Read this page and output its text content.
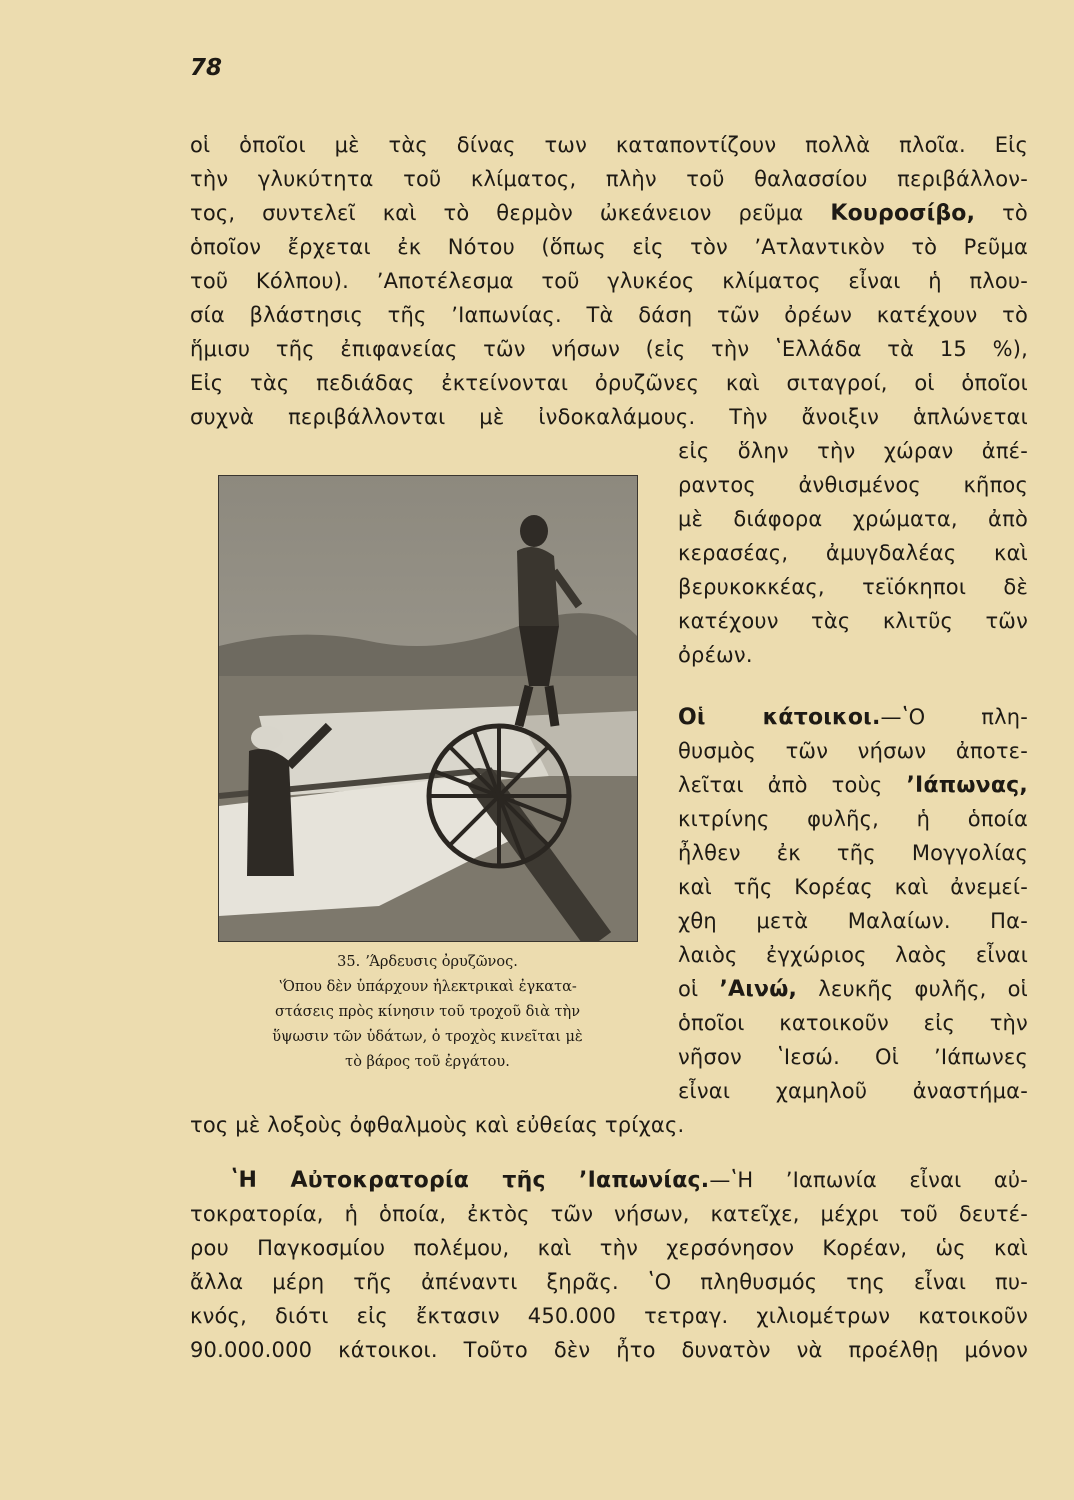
78

οἱ ὁποῖοι μὲ τὰς δίνας των καταποντίζουν πολλὰ πλοῖα. Εἰς

τὴν γλυκύτητα τοῦ κλίματος, πλὴν τοῦ θαλασσίου περιβάλλον-

τος, συντελεῖ καὶ τὸ θερμὸν ὠκεάνειον ρεῦμα Κουροσίβο, τὸ

ὁποῖον ἔρχεται ἐκ Νότου (ὅπως εἰς τὸν ʼΑτλαντικὸν τὸ Ρεῦμα

τοῦ Κόλπου). ʼΑποτέλεσμα τοῦ γλυκέος κλίματος εἶναι ἡ πλου-

σία βλάστησις τῆς ʼΙαπωνίας. Τὰ δάση τῶν ὀρέων κατέχουν τὸ

ἥμισυ τῆς ἐπιφανείας τῶν νήσων (εἰς τὴν ʽΕλλάδα τὰ 15 %),

Εἰς τὰς πεδιάδας ἐκτείνονται ὀρυζῶνες καὶ σιταγροί, οἱ ὁποῖοι

συχνὰ περιβάλλονται μὲ ἰνδοκαλάμους. Τὴν ἄνοιξιν ἁπλώνεται

εἰς ὅλην τὴν χώραν ἀπέ-

ραντος ἀνθισμένος κῆπος

μὲ διάφορα χρώματα, ἀπὸ

κερασέας, ἀμυγδαλέας καὶ

βερυκοκκέας, τεϊόκηποι δὲ

κατέχουν τὰς κλιτῦς τῶν

ὀρέων.

Οἱ κάτοικοι.—ʽΟ πλη-

θυσμὸς τῶν νήσων ἀποτε-

λεῖται ἀπὸ τοὺς ʼΙάπωνας,

κιτρίνης φυλῆς, ἡ ὁποία

ἦλθεν ἐκ τῆς Μογγολίας

καὶ τῆς Κορέας καὶ ἀνεμεί-

χθη μετὰ Μαλαίων. Πα-

λαιὸς ἐγχώριος λαὸς εἶναι

οἱ ʼΑινώ, λευκῆς φυλῆς, οἱ

ὁποῖοι κατοικοῦν εἰς τὴν

νῆσον ʽΙεσώ. Οἱ ʼΙάπωνες

εἶναι χαμηλοῦ ἀναστήμα-

τος μὲ λοξοὺς ὀφθαλμοὺς καὶ εὐθείας τρίχας.

35. ʼΆρδευσις ὀρυζῶνος.
ʽΌπου δὲν ὑπάρχουν ἠλεκτρικαὶ ἐγκατα-
στάσεις πρὸς κίνησιν τοῦ τροχοῦ διὰ τὴν
ὕψωσιν τῶν ὑδάτων, ὁ τροχὸς κινεῖται μὲ
τὸ βάρος τοῦ ἐργάτου.

ʽΗ Αὐτοκρατορία τῆς ʼΙαπωνίας.—ʽΗ ʼΙαπωνία εἶναι αὐ-

τοκρατορία, ἡ ὁποία, ἐκτὸς τῶν νήσων, κατεῖχε, μέχρι τοῦ δευτέ-

ρου Παγκοσμίου πολέμου, καὶ τὴν χερσόνησον Κορέαν, ὡς καὶ

ἄλλα μέρη τῆς ἀπέναντι ξηρᾶς. ʽΟ πληθυσμός της εἶναι πυ-

κνός, διότι εἰς ἔκτασιν 450.000 τετραγ. χιλιομέτρων κατοικοῦν

90.000.000 κάτοικοι. Τοῦτο δὲν ἦτο δυνατὸν νὰ προέλθῃ μόνον
